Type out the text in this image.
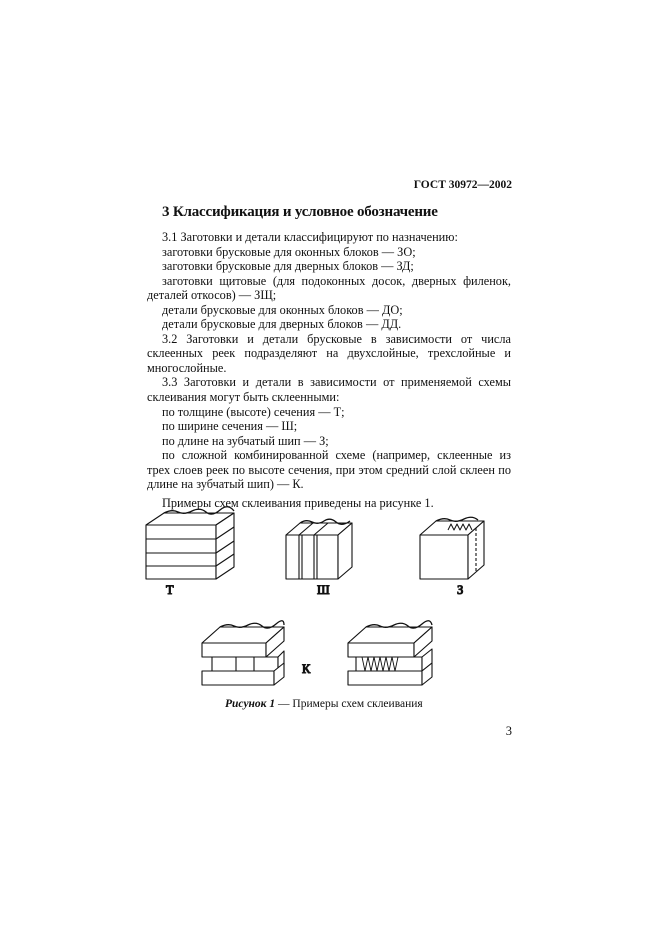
ГОСТ 30972—2002
3 Классификация и условное обозначение

3.1 Заготовки и детали классифицируют по назначению:

заготовки брусковые для оконных блоков — ЗО;

заготовки брусковые для дверных блоков — ЗД;

заготовки щитовые (для подоконных досок, дверных филенок, деталей откосов) — ЗЩ;

детали брусковые для оконных блоков — ДО;

детали брусковые для дверных блоков — ДД.

3.2 Заготовки и детали брусковые в зависимости от числа склеенных реек подразделяют на двухслойные, трехслойные и многослойные.

3.3 Заготовки и детали в зависимости от применяемой схемы склеивания могут быть склеенными:

по толщине (высоте) сечения — Т;

по ширине сечения — Ш;

по длине на зубчатый шип — З;

по сложной комбинированной схеме (например, склеенные из трех слоев реек по высоте сечения, при этом средний слой склеен по длине на зубчатый шип) — К.

Примеры схем склеивания приведены на рисунке 1.

Т	Ш	З
К
Рисунок 1 — Примеры схем склеивания
3
